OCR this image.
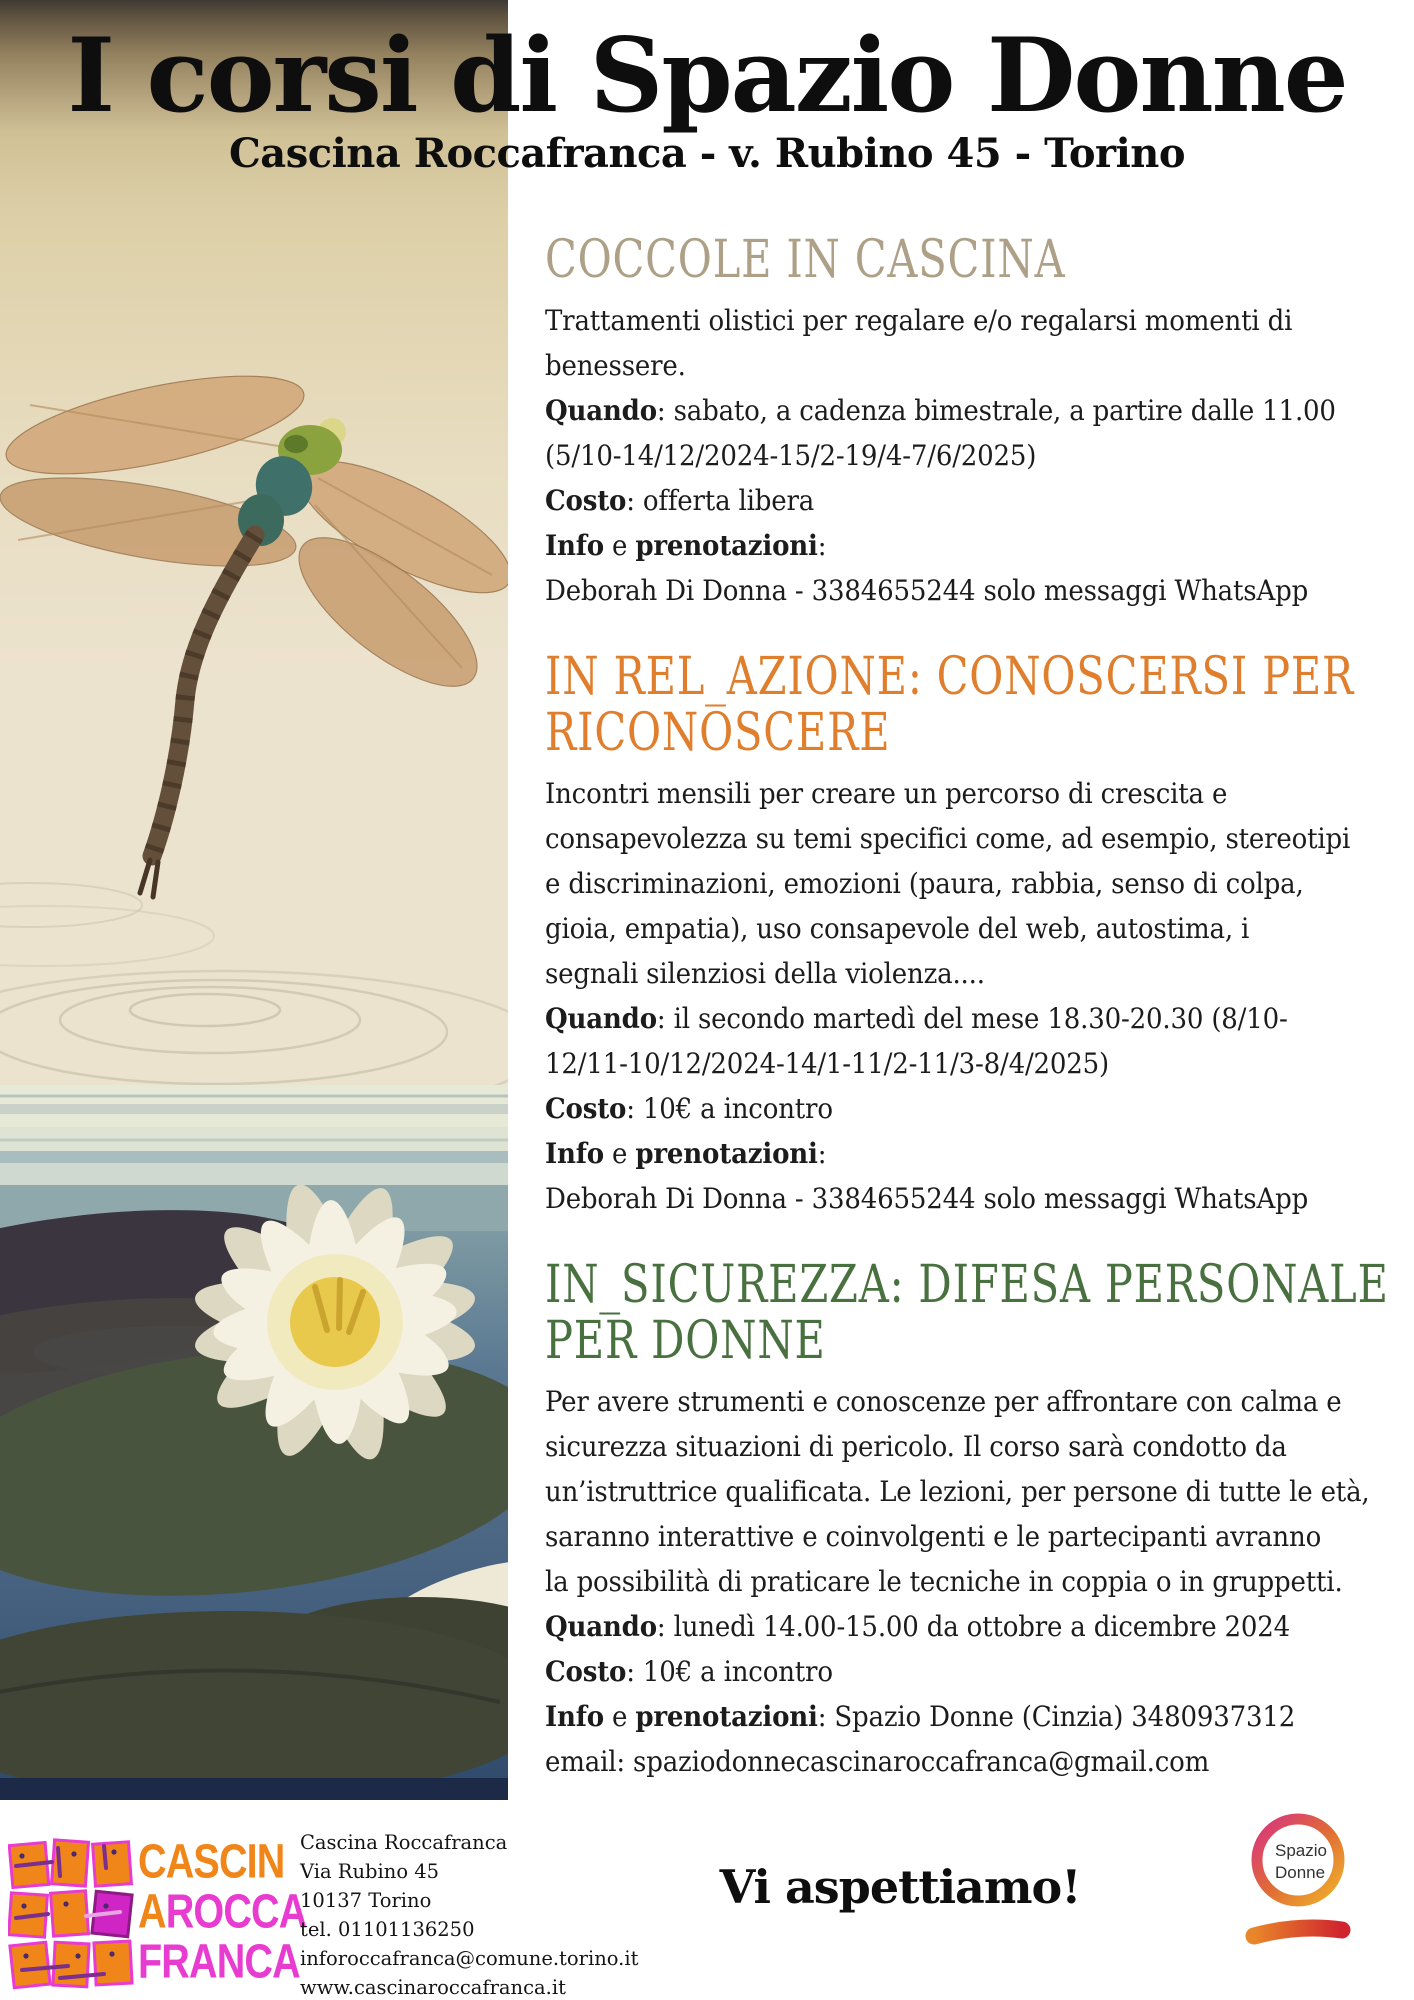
I corsi di Spazio Donne
Cascina Roccafranca - v. Rubino 45 - Torino
COCCOLE IN CASCINA
Trattamenti olistici per regalare e/o regalarsi momenti di
benessere.
Quando: sabato, a cadenza bimestrale, a partire dalle 11.00
(5/10-14/12/2024-15/2-19/4-7/6/2025)
Costo: offerta libera
Info e prenotazioni:
Deborah Di Donna - 3384655244 solo messaggi WhatsApp
IN REL_AZIONE: CONOSCERSI PER
RICONOSCERE
Incontri mensili per creare un percorso di crescita e
consapevolezza su temi specifici come, ad esempio, stereotipi
e discriminazioni, emozioni (paura, rabbia, senso di colpa,
gioia, empatia), uso consapevole del web, autostima, i
segnali silenziosi della violenza....
Quando: il secondo martedì del mese 18.30-20.30 (8/10-
12/11-10/12/2024-14/1-11/2-11/3-8/4/2025)
Costo: 10€ a incontro
Info e prenotazioni:
Deborah Di Donna - 3384655244 solo messaggi WhatsApp
IN_SICUREZZA: DIFESA PERSONALE
PER DONNE
Per avere strumenti e conoscenze per affrontare con calma e
sicurezza situazioni di pericolo. Il corso sarà condotto da
un’istruttrice qualificata. Le lezioni, per persone di tutte le età,
saranno interattive e coinvolgenti e le partecipanti avranno
la possibilità di praticare le tecniche in coppia o in gruppetti.
Quando: lunedì 14.00-15.00 da ottobre a dicembre 2024
Costo: 10€ a incontro
Info e prenotazioni: Spazio Donne (Cinzia) 3480937312
email: spaziodonnecascinaroccafranca@gmail.com
CASCIN
AROCCA
FRANCA
Cascina Roccafranca
Via Rubino 45
10137 Torino
tel. 01101136250
inforoccafranca@comune.torino.it
www.cascinaroccafranca.it
Vi aspettiamo!
Spazio
Donne
